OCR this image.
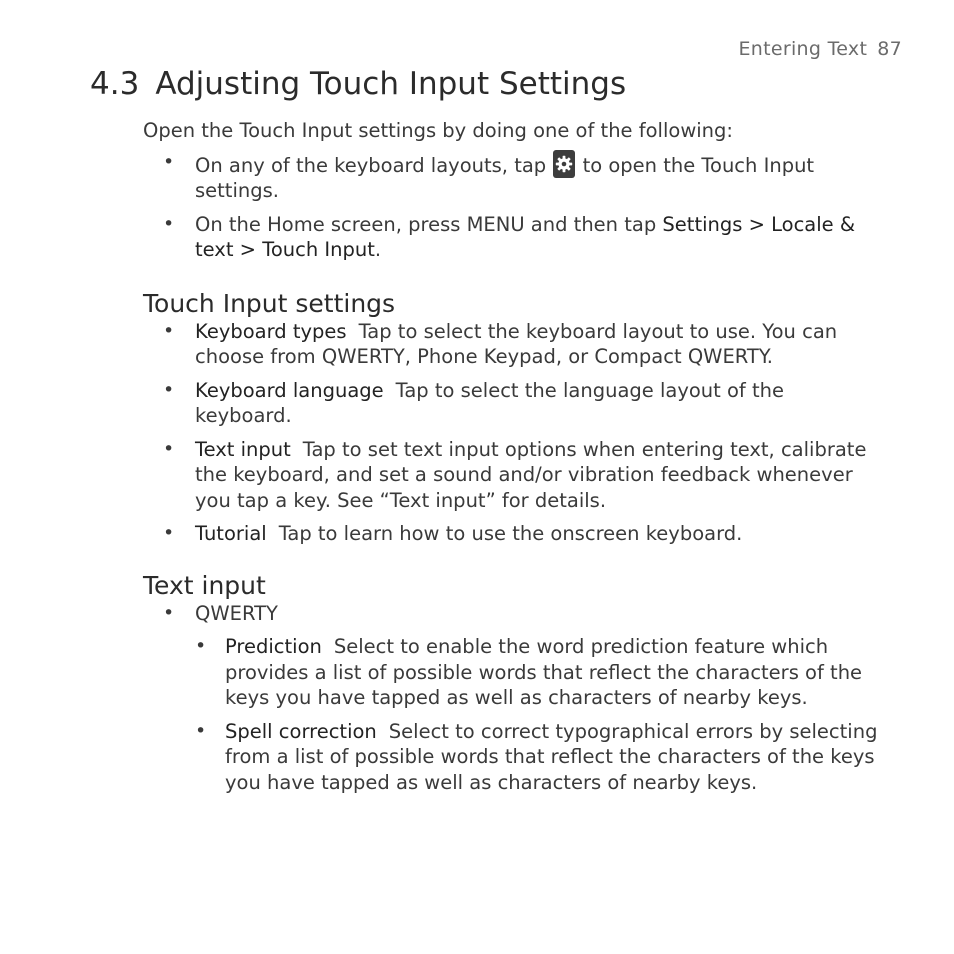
Entering Text 87
4.3 Adjusting Touch Input Settings

Open the Touch Input settings by doing one of the following:

• On any of the keyboard layouts, tap to open the Touch Input settings.
• On the Home screen, press MENU and then tap Settings > Locale & text > Touch Input.
Touch Input settings
• Keyboard types Tap to select the keyboard layout to use. You can choose from QWERTY, Phone Keypad, or Compact QWERTY.
• Keyboard language Tap to select the language layout of the keyboard.
• Text input Tap to set text input options when entering text, calibrate the keyboard, and set a sound and/or vibration feedback whenever you tap a key. See “Text input” for details.
• Tutorial Tap to learn how to use the onscreen keyboard.
Text input
• QWERTY
• Prediction Select to enable the word prediction feature which provides a list of possible words that reflect the characters of the keys you have tapped as well as characters of nearby keys.
• Spell correction Select to correct typographical errors by selecting from a list of possible words that reflect the characters of the keys you have tapped as well as characters of nearby keys.
